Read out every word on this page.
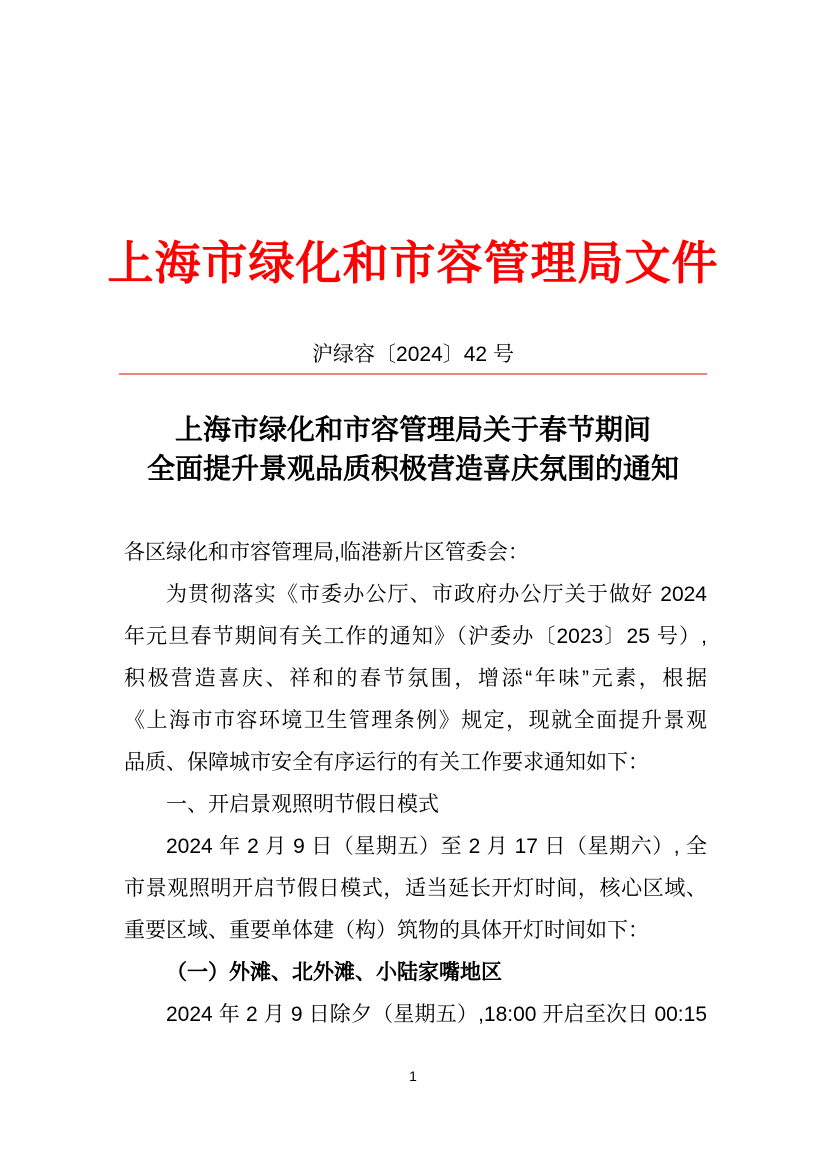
上海市绿化和市容管理局文件
沪绿容〔2024〕42 号
上海市绿化和市容管理局关于春节期间
全面提升景观品质积极营造喜庆氛围的通知
各区绿化和市容管理局,临港新片区管委会：
为贯彻落实《市委办公厅、市政府办公厅关于做好 2024
年元旦春节期间有关工作的通知》（沪委办〔2023〕25 号）,
积极营造喜庆、祥和的春节氛围，增添“年味”元素，根据
《上海市市容环境卫生管理条例》规定，现就全面提升景观
品质、保障城市安全有序运行的有关工作要求通知如下：
一、开启景观照明节假日模式
2024 年 2 月 9 日（星期五）至 2 月 17 日（星期六）, 全
市景观照明开启节假日模式，适当延长开灯时间，核心区域、
重要区域、重要单体建（构）筑物的具体开灯时间如下：
（一）外滩、北外滩、小陆家嘴地区
2024 年 2 月 9 日除夕（星期五）,18:00 开启至次日 00:15
1
